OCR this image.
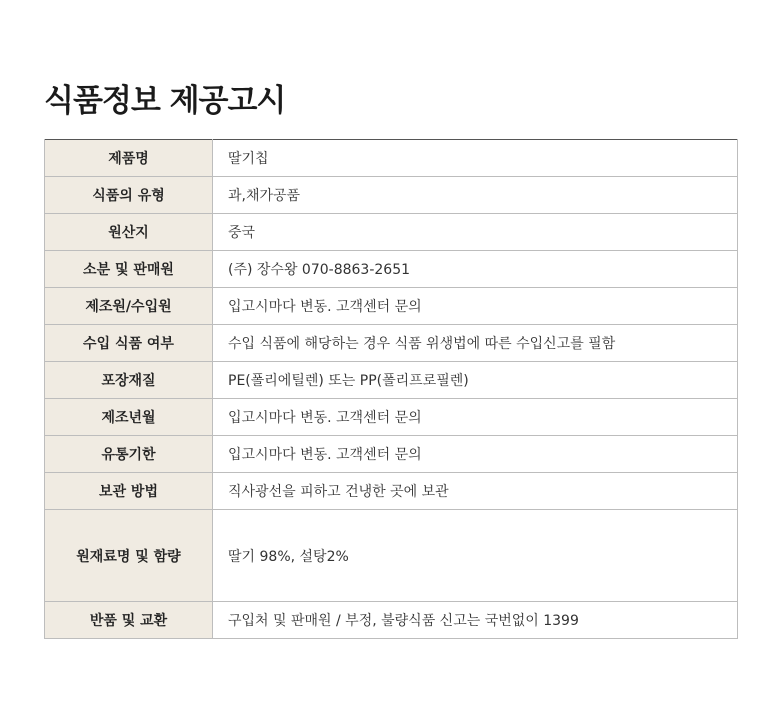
식품정보 제공고시
제품명	딸기칩
식품의 유형	과,채가공품
원산지	중국
소분 및 판매원	(주) 장수왕 070-8863-2651
제조원/수입원	입고시마다 변동. 고객센터 문의
수입 식품 여부	수입 식품에 해당하는 경우 식품 위생법에 따른 수입신고를 필함
포장재질	PE(폴리에틸렌) 또는 PP(폴리프로필렌)
제조년월	입고시마다 변동. 고객센터 문의
유통기한	입고시마다 변동. 고객센터 문의
보관 방법	직사광선을 피하고 건냉한 곳에 보관
원재료명 및 함량	딸기 98%, 설탕2%
반품 및 교환	구입처 및 판매원 / 부정, 불량식품 신고는 국번없이 1399
